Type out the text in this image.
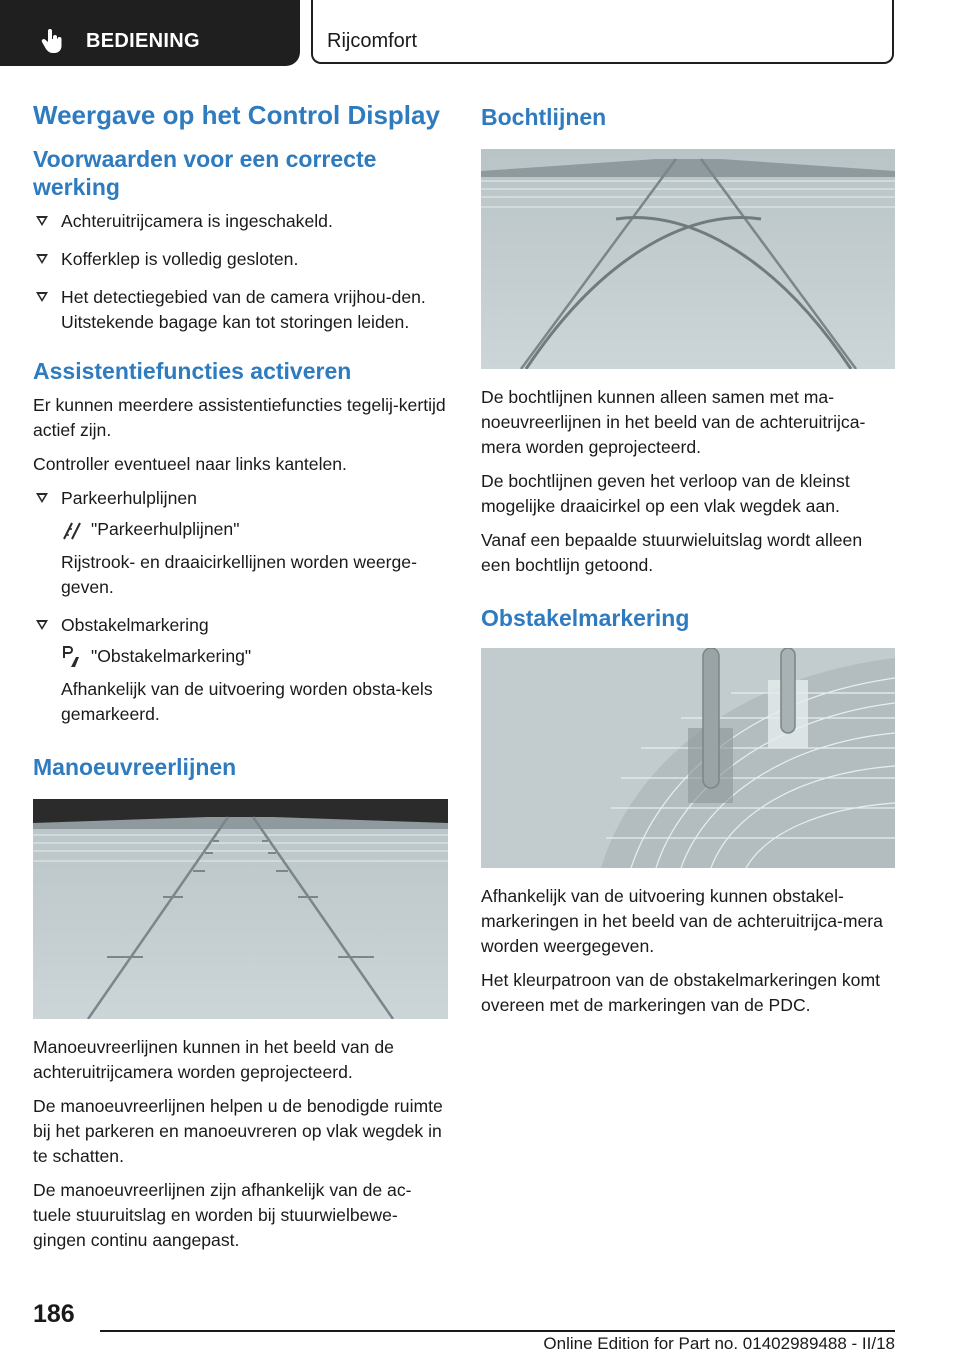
BEDIENING	Rijcomfort
Weergave op het Control Display
Voorwaarden voor een correcte werking
Achteruitrijcamera is ingeschakeld.
Kofferklep is volledig gesloten.
Het detectiegebied van de camera vrijhou-den. Uitstekende bagage kan tot storingen leiden.
Assistentiefuncties activeren

Er kunnen meerdere assistentiefuncties tegelij-kertijd actief zijn.

Controller eventueel naar links kantelen.

Parkeerhulplijnen
"Parkeerhulplijnen"
Rijstrook- en draaicirkellijnen worden weerge-geven.
Obstakelmarkering
"Obstakelmarkering"
Afhankelijk van de uitvoering worden obsta-kels gemarkeerd.
Manoeuvreerlijnen

Manoeuvreerlijnen kunnen in het beeld van de achteruitrijcamera worden geprojecteerd.

De manoeuvreerlijnen helpen u de benodigde ruimte bij het parkeren en manoeuvreren op vlak wegdek in te schatten.

De manoeuvreerlijnen zijn afhankelijk van de ac-tuele stuuruitslag en worden bij stuurwielbewe-gingen continu aangepast.

Bochtlijnen

De bochtlijnen kunnen alleen samen met ma-noeuvreerlijnen in het beeld van de achteruitrijca-mera worden geprojecteerd.

De bochtlijnen geven het verloop van de kleinst mogelijke draaicirkel op een vlak wegdek aan.

Vanaf een bepaalde stuurwieluitslag wordt alleen een bochtlijn getoond.

Obstakelmarkering

Afhankelijk van de uitvoering kunnen obstakel-markeringen in het beeld van de achteruitrijca-mera worden weergegeven.

Het kleurpatroon van de obstakelmarkeringen komt overeen met de markeringen van de PDC.

186
Online Edition for Part no. 01402989488 - II/18
